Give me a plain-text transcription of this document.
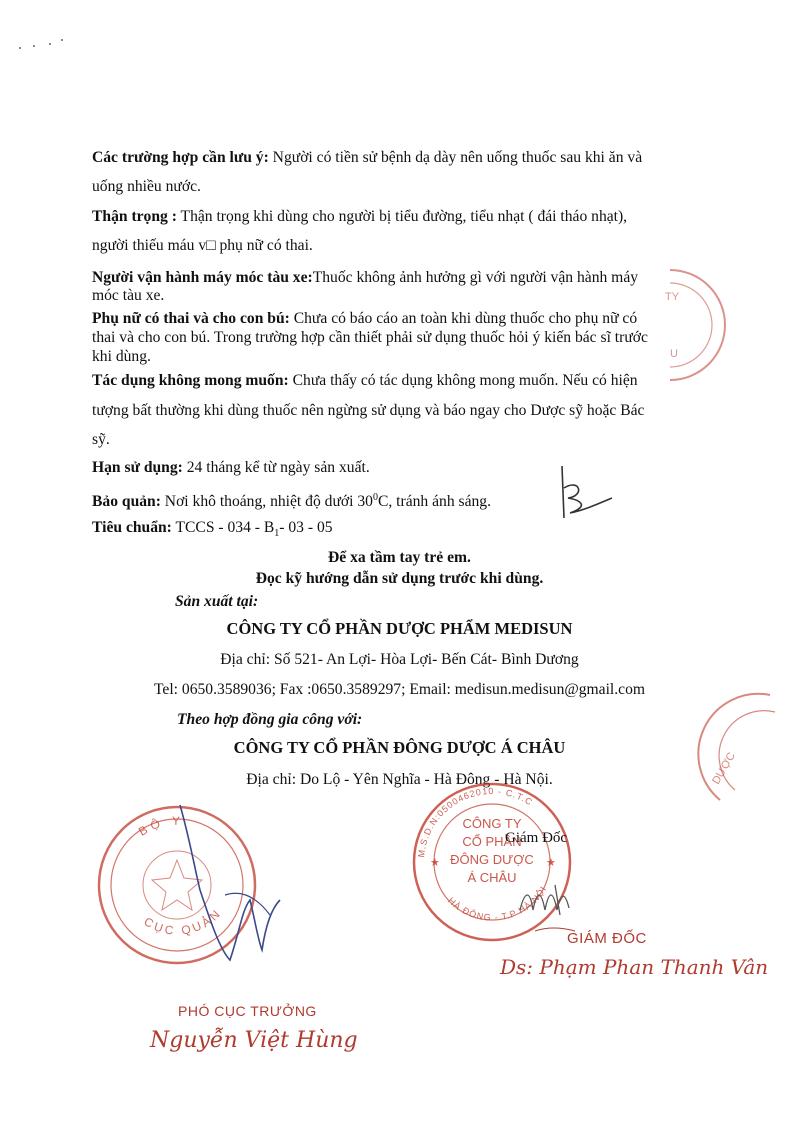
Các trường hợp cần lưu ý: Người có tiền sử bệnh dạ dày nên uống thuốc sau khi ăn và
uống nhiều nước.
Thận trọng : Thận trọng khi dùng cho người bị tiểu đường, tiểu nhạt ( đái tháo nhạt),
người thiếu máu v□ phụ nữ có thai.
Người vận hành máy móc tàu xe:Thuốc không ảnh hưởng gì với người vận hành máy
móc tàu xe.
Phụ nữ có thai và cho con bú: Chưa có báo cáo an toàn khi dùng thuốc cho phụ nữ có
thai và cho con bú. Trong trường hợp cần thiết phải sử dụng thuốc hỏi ý kiến bác sĩ trước
khi dùng.
Tác dụng không mong muốn: Chưa thấy có tác dụng không mong muốn. Nếu có hiện
tượng bất thường khi dùng thuốc nên ngừng sử dụng và báo ngay cho Dược sỹ hoặc Bác
sỹ.
Hạn sử dụng: 24 tháng kể từ ngày sản xuất.
Bảo quản: Nơi khô thoáng, nhiệt độ dưới $30^0C$, tránh ánh sáng.
Tiêu chuẩn: TCCS - $034 - B_1-$ 03 - 05
Để xa tầm tay trẻ em.
Đọc kỹ hướng dẫn sử dụng trước khi dùng.
Sản xuất tại:
CÔNG TY CỔ PHẦN DƯỢC PHẨM MEDISUN
Địa chỉ: Số 521- An Lợi- Hòa Lợi- Bến Cát- Bình Dương
Tel: 0650.3589036; Fax :0650.3589297; Email: medisun.medisun@gmail.com
Theo hợp đồng gia công với:
CÔNG TY CỔ PHẦN ĐÔNG DƯỢC Á CHÂU
Địa chỉ: Do Lộ - Yên Nghĩa - Hà Đông - Hà Nội.
TY
U
DƯỢC
BỘ Y
CỤC QUẢN
PHÓ CỤC TRƯỞNG
Nguyễn Việt Hùng
M.S.D.N:0500462010 - C.T.C
HÀ ĐÔNG - T.P HÀ NỘI
CÔNG TY
CỔ PHẦN
ĐÔNG DƯỢC
Á CHÂU
★	★
Giám Đốc
GIÁM ĐỐC
Ds: Phạm Phan Thanh Vân
